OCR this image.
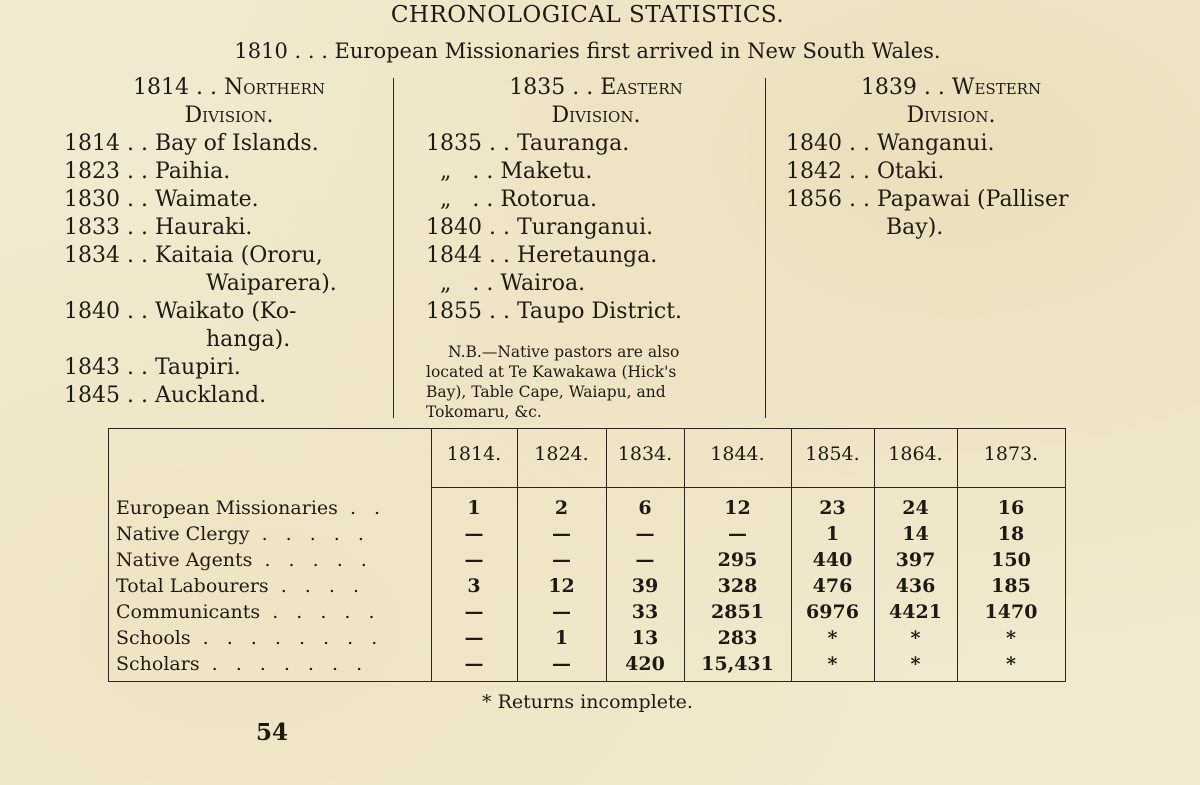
CHRONOLOGICAL STATISTICS.
1810 . . . European Missionaries first arrived in New South Wales.
1814 . . Northern
Division.
1814 . . Bay of Islands.
1823 . . Paihia.
1830 . . Waimate.
1833 . . Hauraki.
1834 . . Kaitaia (Ororu,
Waiparera).
1840 . . Waikato (Ko-
hanga).
1843 . . Taupiri.
1845 . . Auckland.
1835 . . Eastern
Division.
1835 . . Tauranga.
„   . . Maketu.
„   . . Rotorua.
1840 . . Turanganui.
1844 . . Heretaunga.
„   . . Wairoa.
1855 . . Taupo District.
N.B.—Native pastors are also
located at Te Kawakawa (Hick's
Bay), Table Cape, Waiapu, and
Tokomaru, &c.
1839 . . Western
Division.
1840 . . Wanganui.
1842 . . Otaki.
1856 . . Papawai (Palliser
Bay).
1814.	1824.	1834.	1844.	1854.	1864.	1873.
European Missionaries . .	1	2	6	12	23	24	16
Native Clergy . . . . .	—	—	—	—	1	14	18
Native Agents . . . . .	—	—	—	295	440	397	150
Total Labourers . . . .	3	12	39	328	476	436	185
Communicants . . . . .	—	—	33	2851	6976	4421	1470
Schools . . . . . . . .	—	1	13	283	*	*	*
Scholars . . . . . . .	—	—	420	15,431	*	*	*
* Returns incomplete.
54
